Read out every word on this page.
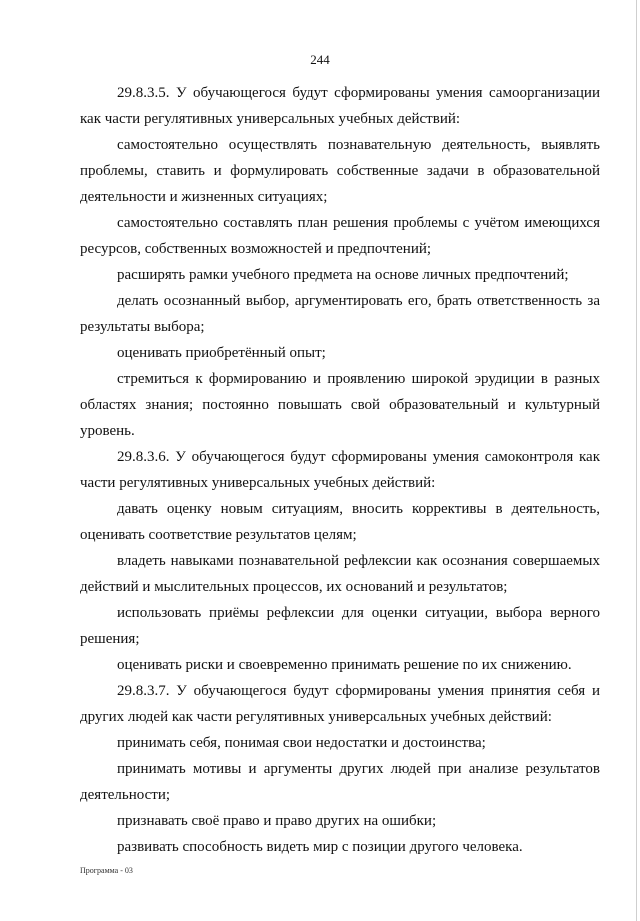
244

29.8.3.5. У обучающегося будут сформированы умения самоорганизации как части регулятивных универсальных учебных действий:

самостоятельно осуществлять познавательную деятельность, выявлять проблемы, ставить и формулировать собственные задачи в образовательной деятельности и жизненных ситуациях;

самостоятельно составлять план решения проблемы с учётом имеющихся ресурсов, собственных возможностей и предпочтений;

расширять рамки учебного предмета на основе личных предпочтений;

делать осознанный выбор, аргументировать его, брать ответственность за результаты выбора;

оценивать приобретённый опыт;

стремиться к формированию и проявлению широкой эрудиции в разных областях знания; постоянно повышать свой образовательный и культурный уровень.

29.8.3.6. У обучающегося будут сформированы умения самоконтроля как части регулятивных универсальных учебных действий:

давать оценку новым ситуациям, вносить коррективы в деятельность, оценивать соответствие результатов целям;

владеть навыками познавательной рефлексии как осознания совершаемых действий и мыслительных процессов, их оснований и результатов;

использовать приёмы рефлексии для оценки ситуации, выбора верного решения;

оценивать риски и своевременно принимать решение по их снижению.

29.8.3.7. У обучающегося будут сформированы умения принятия себя и других людей как части регулятивных универсальных учебных действий:

принимать себя, понимая свои недостатки и достоинства;

принимать мотивы и аргументы других людей при анализе результатов деятельности;

признавать своё право и право других на ошибки;

развивать способность видеть мир с позиции другого человека.

Программа - 03
